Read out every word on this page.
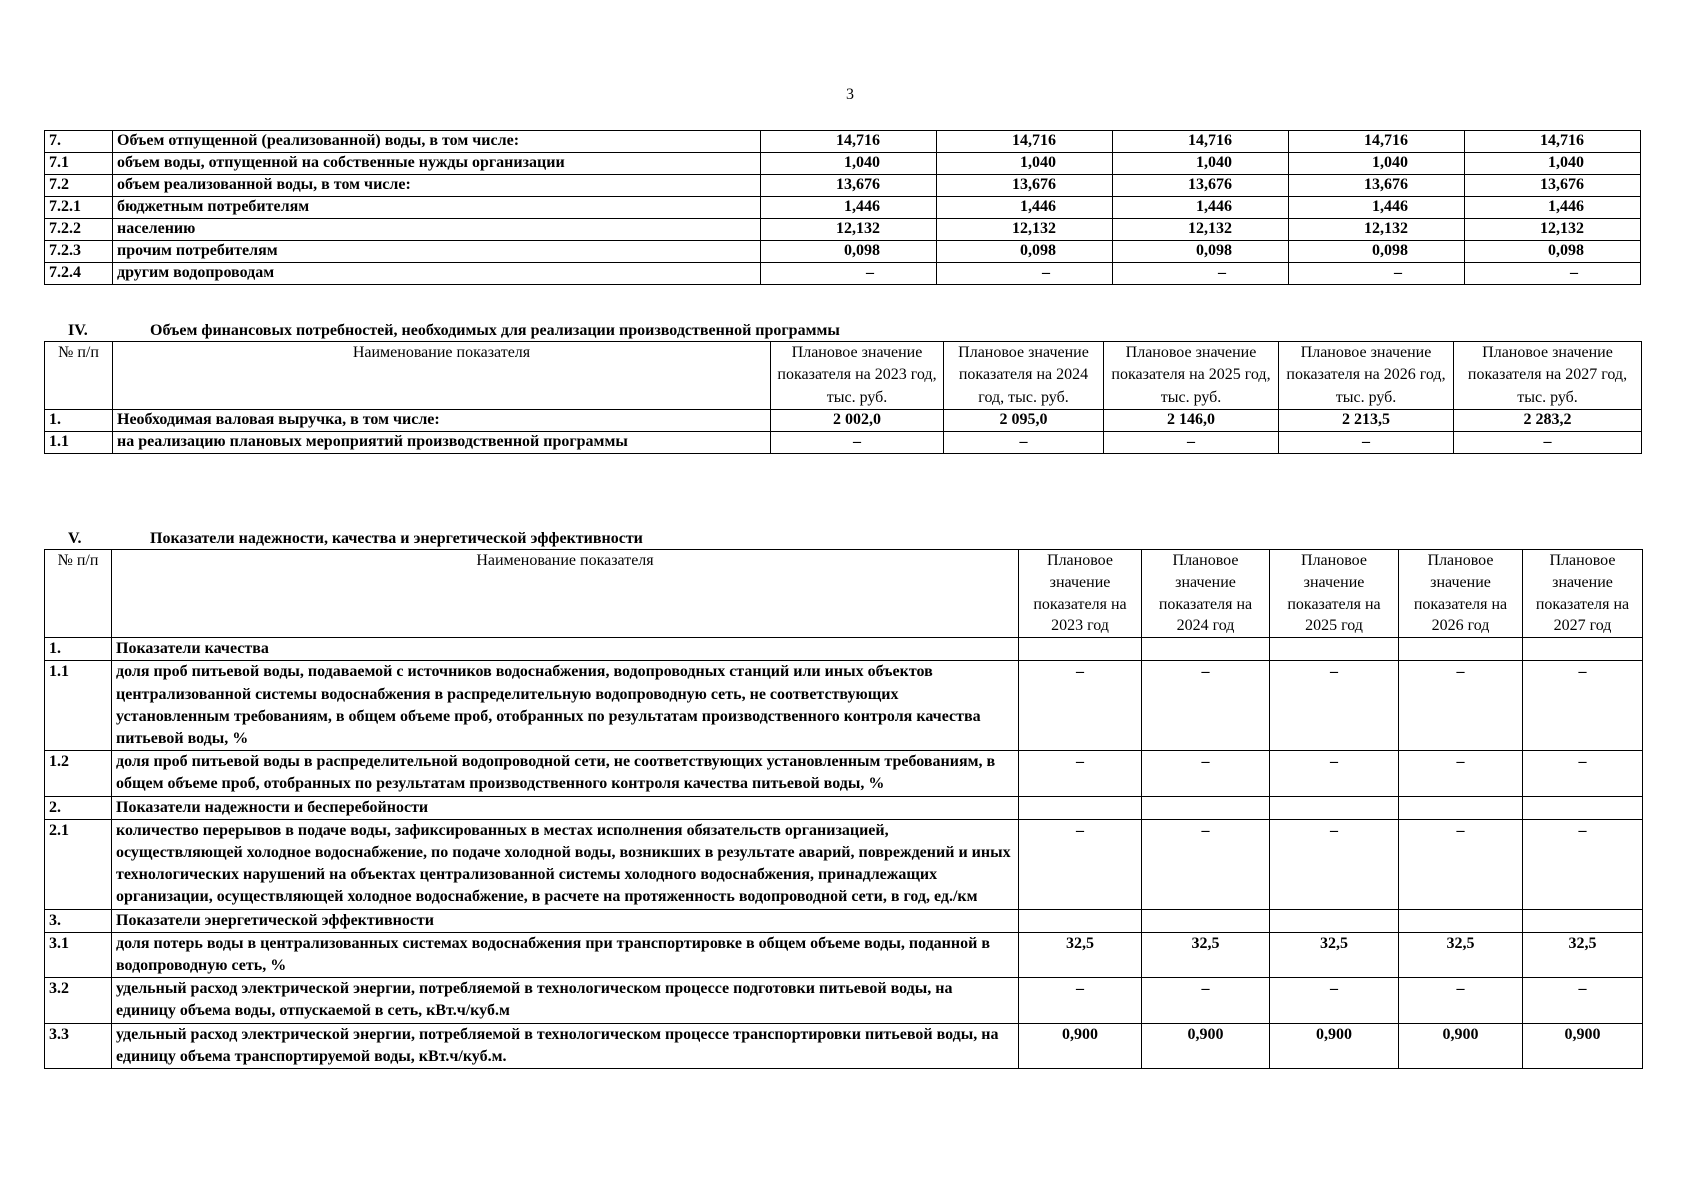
3
7.	Объем отпущенной (реализованной) воды, в том числе:	14,716	14,716	14,716	14,716	14,716
7.1	объем воды, отпущенной на собственные нужды организации	1,040	1,040	1,040	1,040	1,040
7.2	объем реализованной воды, в том числе:	13,676	13,676	13,676	13,676	13,676
7.2.1	бюджетным потребителям	1,446	1,446	1,446	1,446	1,446
7.2.2	населению	12,132	12,132	12,132	12,132	12,132
7.2.3	прочим потребителям	0,098	0,098	0,098	0,098	0,098
7.2.4	другим водопроводам	–	–	–	–	–
IV.	Объем финансовых потребностей, необходимых для реализации производственной программы
№ п/п	Наименование показателя	Плановое значение показателя на 2023 год, тыс. руб.	Плановое значение показателя на 2024 год, тыс. руб.	Плановое значение показателя на 2025 год, тыс. руб.	Плановое значение показателя на 2026 год, тыс. руб.	Плановое значение показателя на 2027 год, тыс. руб.
1.	Необходимая валовая выручка, в том числе:	2 002,0	2 095,0	2 146,0	2 213,5	2 283,2
1.1	на реализацию плановых мероприятий производственной программы	–	–	–	–	–
V.	Показатели надежности, качества и энергетической эффективности
№ п/п	Наименование показателя	Плановое значение показателя на 2023 год	Плановое значение показателя на 2024 год	Плановое значение показателя на 2025 год	Плановое значение показателя на 2026 год	Плановое значение показателя на 2027 год
1.	Показатели качества					
1.1	доля проб питьевой воды, подаваемой с источников водоснабжения, водопроводных станций или иных объектов централизованной системы водоснабжения в распределительную водопроводную сеть, не соответствующих установленным требованиям, в общем объеме проб, отобранных по результатам производственного контроля качества питьевой воды, %	–	–	–	–	–
1.2	доля проб питьевой воды в распределительной водопроводной сети, не соответствующих установленным требованиям, в общем объеме проб, отобранных по результатам производственного контроля качества питьевой воды, %	–	–	–	–	–
2.	Показатели надежности и бесперебойности					
2.1	количество перерывов в подаче воды, зафиксированных в местах исполнения обязательств организацией, осуществляющей холодное водоснабжение, по подаче холодной воды, возникших в результате аварий, повреждений и иных технологических нарушений на объектах централизованной системы холодного водоснабжения, принадлежащих организации, осуществляющей холодное водоснабжение, в расчете на протяженность водопроводной сети, в год, ед./км	–	–	–	–	–
3.	Показатели энергетической эффективности					
3.1	доля потерь воды в централизованных системах водоснабжения при транспортировке в общем объеме воды, поданной в водопроводную сеть, %	32,5	32,5	32,5	32,5	32,5
3.2	удельный расход электрической энергии, потребляемой в технологическом процессе подготовки питьевой воды, на единицу объема воды, отпускаемой в сеть, кВт.ч/куб.м	–	–	–	–	–
3.3	удельный расход электрической энергии, потребляемой в технологическом процессе транспортировки питьевой воды, на единицу объема транспортируемой воды, кВт.ч/куб.м.	0,900	0,900	0,900	0,900	0,900
